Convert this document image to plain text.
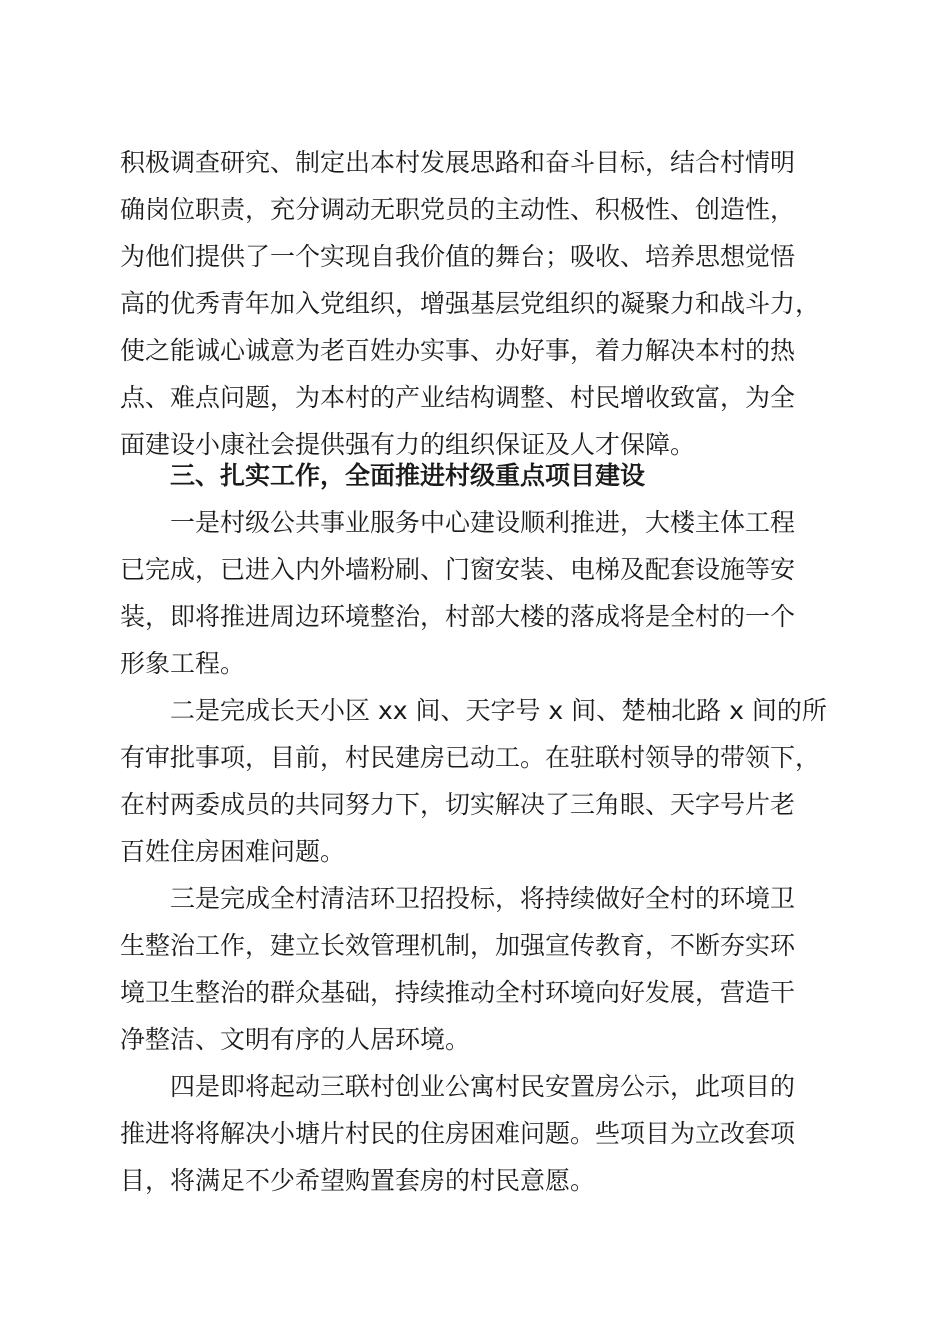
积极调查研究、制定出本村发展思路和奋斗目标，结合村情明

确岗位职责，充分调动无职党员的主动性、积极性、创造性，

为他们提供了一个实现自我价值的舞台；吸收、培养思想觉悟

高的优秀青年加入党组织，增强基层党组织的凝聚力和战斗力，

使之能诚心诚意为老百姓办实事、办好事，着力解决本村的热

点、难点问题，为本村的产业结构调整、村民增收致富，为全

面建设小康社会提供强有力的组织保证及人才保障。

三、扎实工作，全面推进村级重点项目建设

一是村级公共事业服务中心建设顺利推进，大楼主体工程

已完成，已进入内外墙粉刷、门窗安装、电梯及配套设施等安

装，即将推进周边环境整治，村部大楼的落成将是全村的一个

形象工程。

二是完成长天小区 xx 间、天字号 x 间、楚柚北路 x 间的所

有审批事项，目前，村民建房已动工。在驻联村领导的带领下，

在村两委成员的共同努力下，切实解决了三角眼、天字号片老

百姓住房困难问题。

三是完成全村清洁环卫招投标，将持续做好全村的环境卫

生整治工作，建立长效管理机制，加强宣传教育，不断夯实环

境卫生整治的群众基础，持续推动全村环境向好发展，营造干

净整洁、文明有序的人居环境。

四是即将起动三联村创业公寓村民安置房公示，此项目的

推进将将解决小塘片村民的住房困难问题。些项目为立改套项

目，将满足不少希望购置套房的村民意愿。
